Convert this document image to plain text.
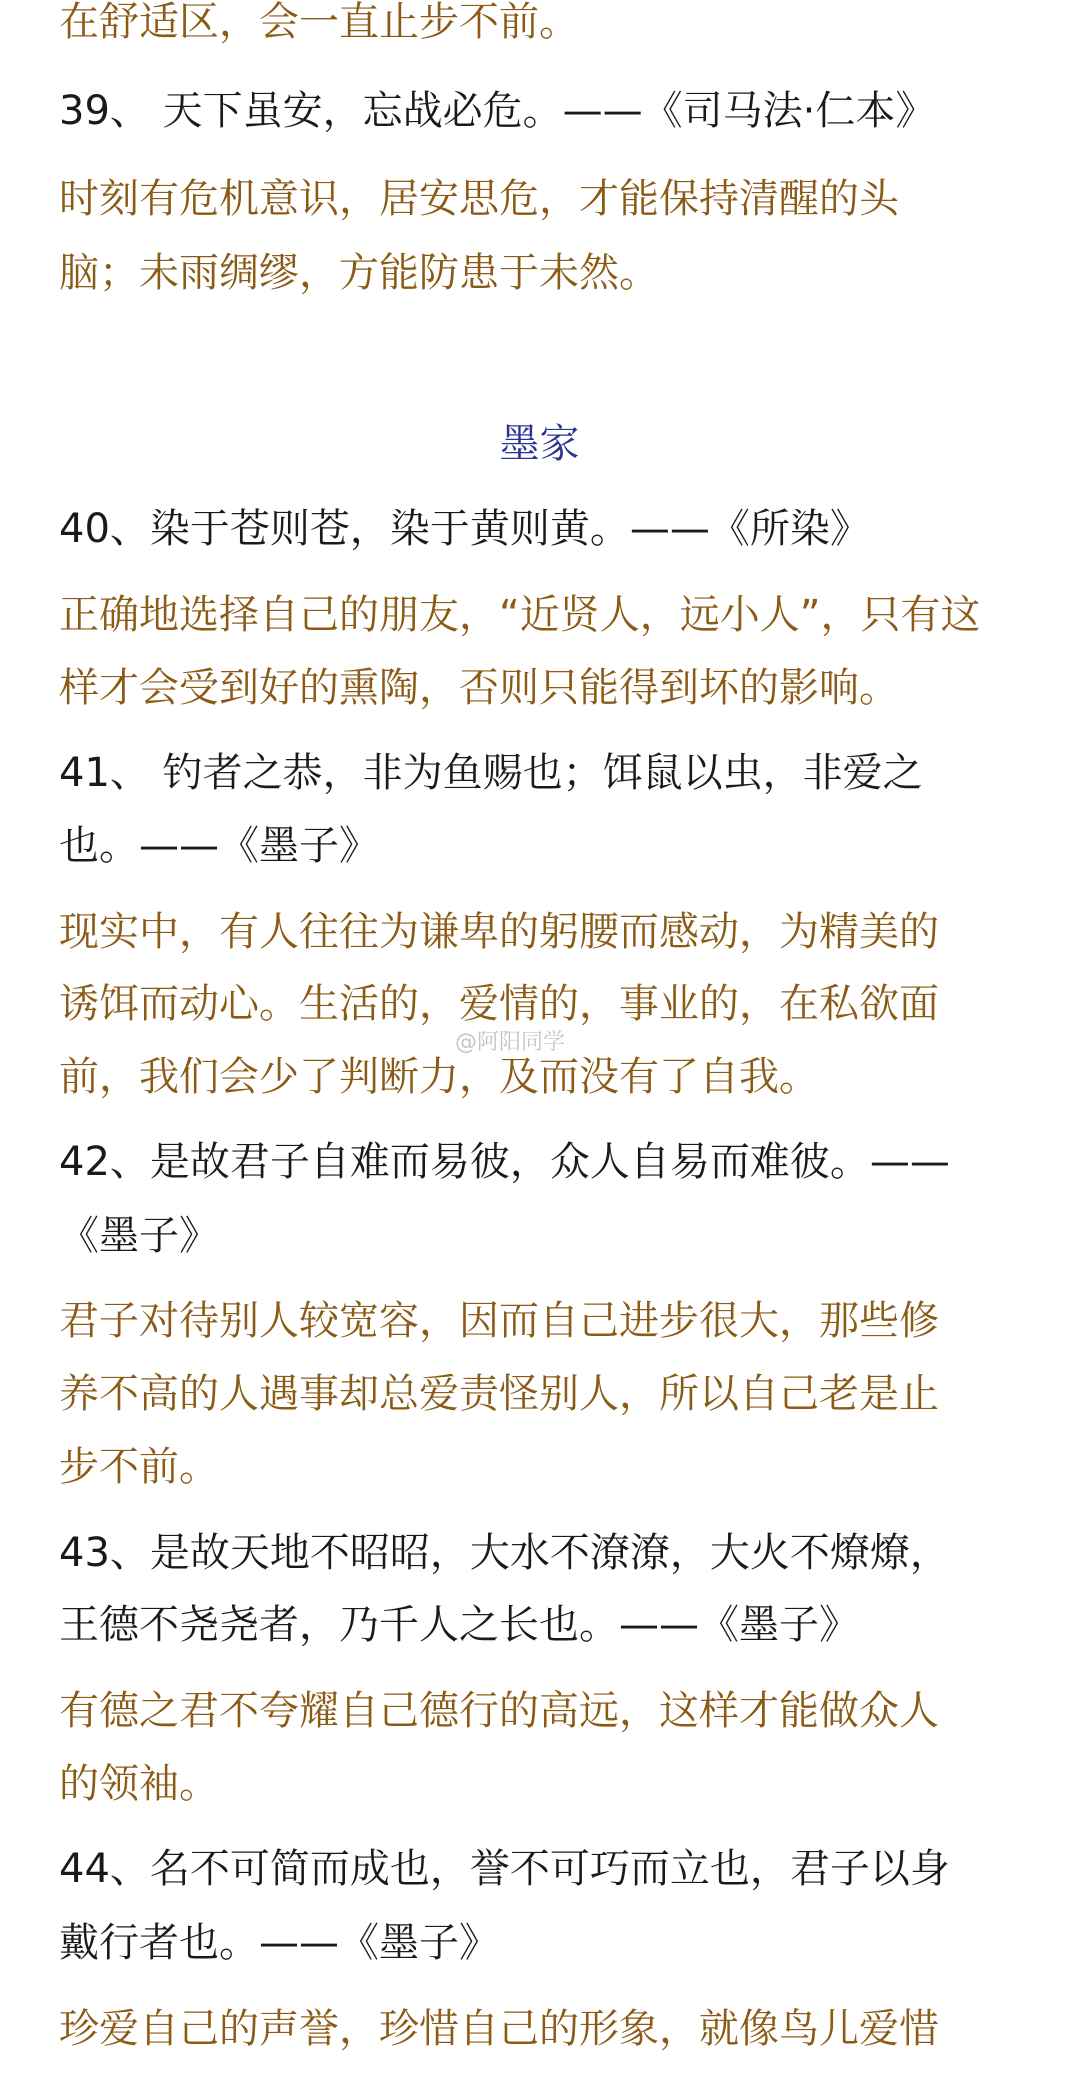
在舒适区，会一直止步不前。
39、 天下虽安，忘战必危。——《司马法·仁本》
时刻有危机意识，居安思危，才能保持清醒的头
脑；未雨绸缪，方能防患于未然。
墨家
40、染于苍则苍，染于黄则黄。——《所染》
正确地选择自己的朋友，“近贤人，远小人”，只有这
样才会受到好的熏陶，否则只能得到坏的影响。
41、 钓者之恭，非为鱼赐也；饵鼠以虫，非爱之
也。——《墨子》
现实中，有人往往为谦卑的躬腰而感动，为精美的
诱饵而动心。生活的，爱情的，事业的，在私欲面
前，我们会少了判断力，及而没有了自我。
42、是故君子自难而易彼，众人自易而难彼。——
《墨子》
君子对待别人较宽容，因而自己进步很大，那些修
养不高的人遇事却总爱责怪别人，所以自己老是止
步不前。
43、是故天地不昭昭，大水不潦潦，大火不燎燎，
王德不尧尧者，乃千人之长也。——《墨子》
有德之君不夸耀自己德行的高远，这样才能做众人
的领袖。
44、名不可简而成也，誉不可巧而立也，君子以身
戴行者也。——《墨子》
珍爱自己的声誉，珍惜自己的形象，就像鸟儿爱惜
@阿阳同学
